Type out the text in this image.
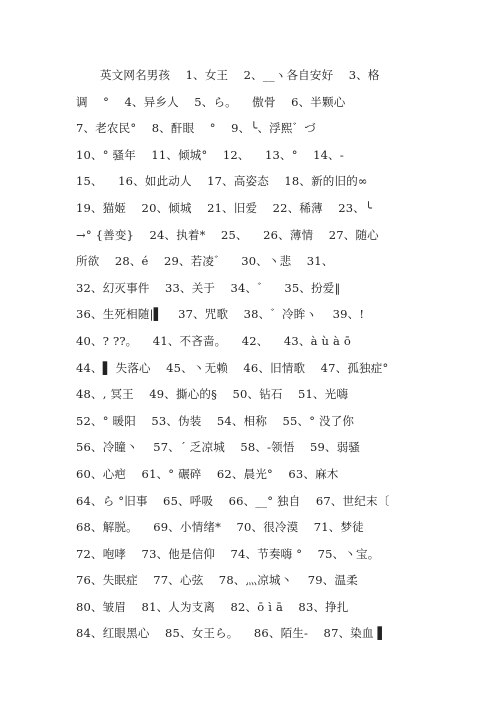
英文网名男孩    1、女王    2、__ヽ各自安好    3、格
调    °    4、异乡人    5、ら。    傲骨    6、半颗心
7、老农民°    8、酐眼    °    9、╰、浮熙゛づ
10、° 骚年    11、倾城°    12、    13、°    14、-
15、    16、如此动人    17、高姿态    18、新的旧的∞
19、猫姬    20、倾城    21、旧爱    22、稀薄    23、╰
→° {善变}    24、执着*    25、    26、薄情    27、随心
所欲    28、é    29、若凌゛    30、丶悲    31、
32、幻灭事件    33、关于    34、゛    35、扮爱‖
36、生死相随|▌    37、咒歌    38、゛冷眸ヽ    39、!
40、? ??。    41、不吝啬。    42、    43、à ù à ō
44、▌ 失落心    45、丶无赖    46、旧情歌    47、孤独症°
48、, 冥王    49、撕心的§    50、钻石    51、光嗨
52、° 暖阳    53、伪装    54、相称    55、° 没了你
56、冷瞳丶    57、´ 乏凉城    58、-领悟    59、弱骚
60、心疤    61、° 碾碎    62、晨光°    63、麻木
64、ら °旧事    65、呼吸    66、__° 独自    67、世纪末〔
68、解脱。    69、小情绪*    70、很冷漠    71、梦徒
72、咆哮    73、他是信仰    74、节奏嗨 °    75、丶宝。
76、失眠症    77、心弦    78、灬凉城丶    79、温柔
80、皱眉    81、人为支离    82、ō ì ā    83、挣扎
84、红眼黑心    85、女王ら。    86、陌生-    87、染血 ▌
